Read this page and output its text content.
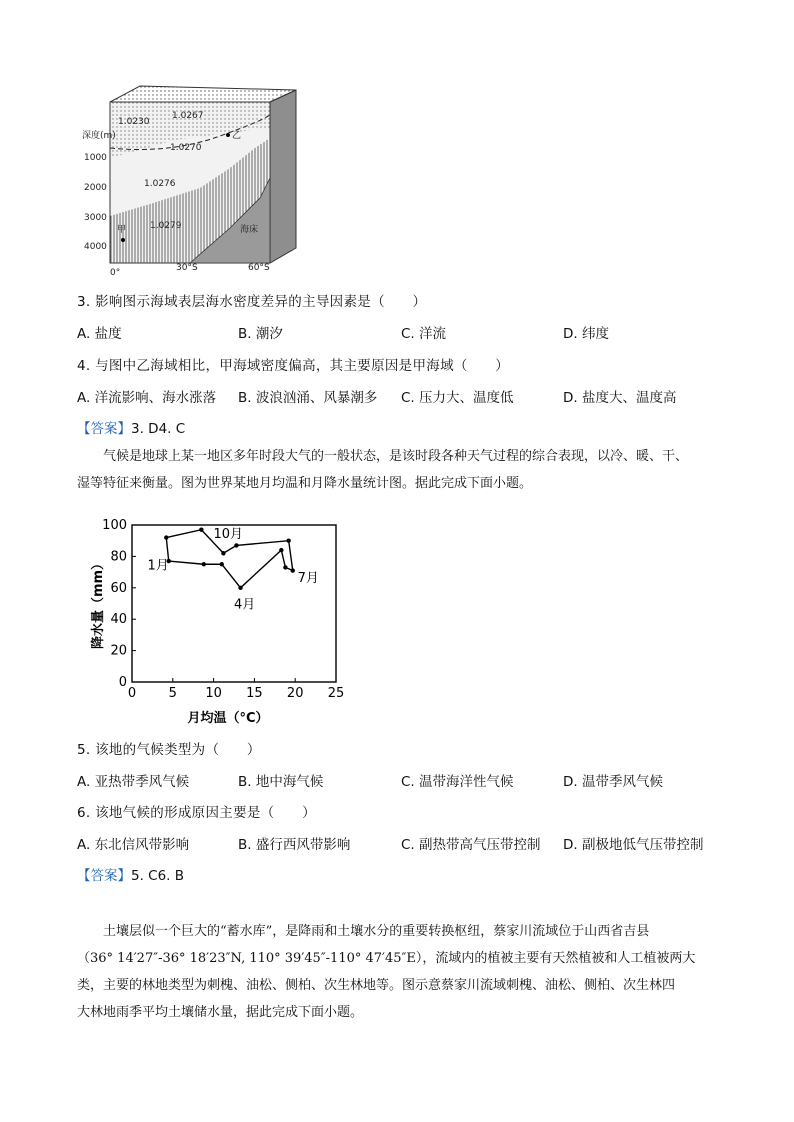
深度(m)
1000
2000
3000
4000
0°	30°S	60°S
1.0230
1.0267
1.0270
1.0276
1.0279
甲
乙
海床
3. 影响图示海域表层海水密度差异的主导因素是（　　）
A. 盐度	B. 潮汐	C. 洋流	D. 纬度
4. 与图中乙海域相比，甲海域密度偏高，其主要原因是甲海域（　　）
A. 洋流影响、海水涨落 B. 波浪汹涌、风暴潮多 C. 压力大、温度低	D. 盐度大、温度高
【答案】3. D4. C
气候是地球上某一地区多年时段大气的一般状态，是该时段各种天气过程的综合表现，以冷、暖、干、
湿等特征来衡量。图为世界某地月均温和月降水量统计图。据此完成下面小题。
0	5 10 15 20 25
0
20
40
60
80
100
1月
10月
7月
4月
月均温（°C）
降水量（mm）
5. 该地的气候类型为（　　）
A. 亚热带季风气候	B. 地中海气候	C. 温带海洋性气候	D. 温带季风气候
6. 该地气候的形成原因主要是（　　）
A. 东北信风带影响	B. 盛行西风带影响	C. 副热带高气压带控制 D. 副极地低气压带控制
【答案】5. C6. B
土壤层似一个巨大的“蓄水库”，是降雨和土壤水分的重要转换枢纽，蔡家川流域位于山西省吉县
（36° 14′27″-36° 18′23″N, 110° 39′45″-110° 47′45″E），流域内的植被主要有天然植被和人工植被两大
类，主要的林地类型为刺槐、油松、侧柏、次生林地等。图示意蔡家川流域刺槐、油松、侧柏、次生林四
大林地雨季平均土壤储水量，据此完成下面小题。
